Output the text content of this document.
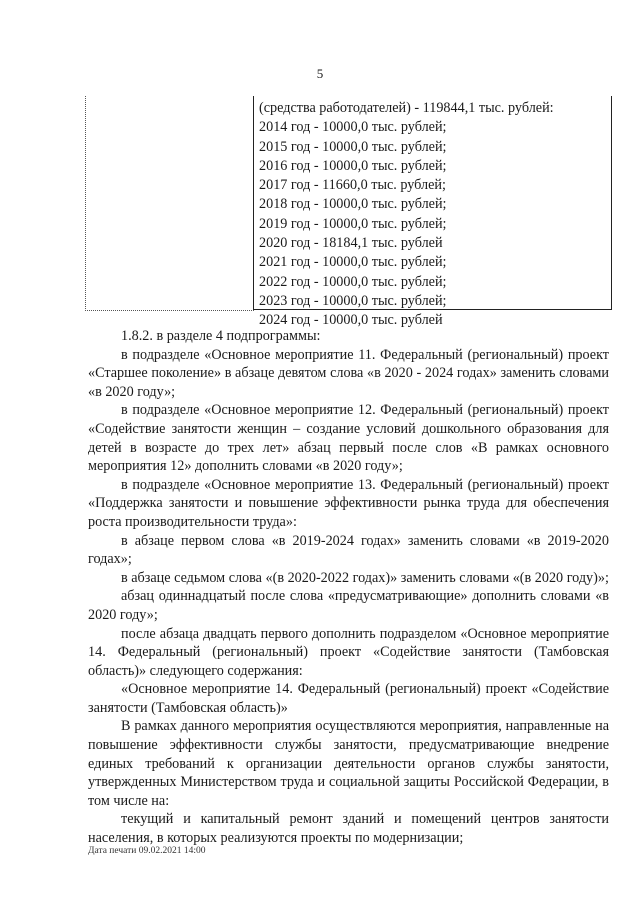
5
(средства работодателей) - 119844,1 тыс. рублей:
2014 год - 10000,0 тыс. рублей;
2015 год - 10000,0 тыс. рублей;
2016 год - 10000,0 тыс. рублей;
2017 год - 11660,0 тыс. рублей;
2018 год - 10000,0 тыс. рублей;
2019 год - 10000,0 тыс. рублей;
2020 год - 18184,1 тыс. рублей
2021 год - 10000,0 тыс. рублей;
2022 год - 10000,0 тыс. рублей;
2023 год - 10000,0 тыс. рублей;
2024 год - 10000,0 тыс. рублей

1.8.2. в разделе 4 подпрограммы:

в подразделе «Основное мероприятие 11. Федеральный (региональный) проект «Старшее поколение» в абзаце девятом слова «в 2020 - 2024 годах» заменить словами «в 2020 году»;

в подразделе «Основное мероприятие 12. Федеральный (региональный) проект «Содействие занятости женщин – создание условий дошкольного образования для детей в возрасте до трех лет» абзац первый после слов «В рамках основного мероприятия 12» дополнить словами «в 2020 году»;

в подразделе «Основное мероприятие 13. Федеральный (региональный) проект «Поддержка занятости и повышение эффективности рынка труда для обеспечения роста производительности труда»:

в абзаце первом слова «в 2019-2024 годах» заменить словами «в 2019-2020 годах»;

в абзаце седьмом слова «(в 2020-2022 годах)» заменить словами «(в 2020 году)»;

абзац одиннадцатый после слова «предусматривающие» дополнить словами «в 2020 году»;

после абзаца двадцать первого дополнить подразделом «Основное мероприятие 14. Федеральный (региональный) проект «Содействие занятости (Тамбовская область)» следующего содержания:

«Основное мероприятие 14. Федеральный (региональный) проект «Содействие занятости (Тамбовская область)»

В рамках данного мероприятия осуществляются мероприятия, направленные на повышение эффективности службы занятости, предусматривающие внедрение единых требований к организации деятельности органов службы занятости, утвержденных Министерством труда и социальной защиты Российской Федерации, в том числе на:

текущий и капитальный ремонт зданий и помещений центров занятости населения, в которых реализуются проекты по модернизации;

Дата печати 09.02.2021 14:00
